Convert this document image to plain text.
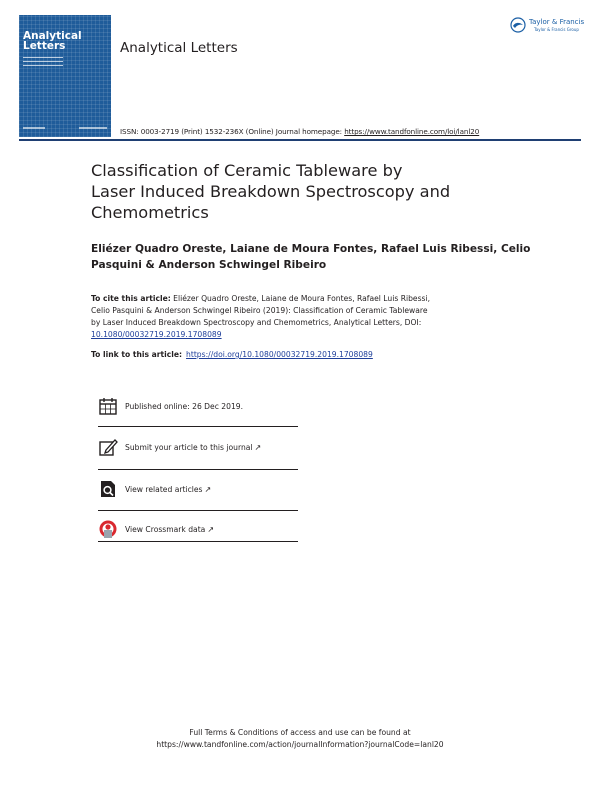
Analytical
Letters	Analytical Letters
ISSN: 0003-2719 (Print) 1532-236X (Online) Journal homepage: https://www.tandfonline.com/loi/lanl20
Taylor & Francis
Taylor & Francis Group
Classification of Ceramic Tableware by
Laser Induced Breakdown Spectroscopy and
Chemometrics
Eliézer Quadro Oreste, Laiane de Moura Fontes, Rafael Luis Ribessi, Celio
Pasquini & Anderson Schwingel Ribeiro
To cite this article: Eliézer Quadro Oreste, Laiane de Moura Fontes, Rafael Luis Ribessi,
Celio Pasquini & Anderson Schwingel Ribeiro (2019): Classification of Ceramic Tableware
by Laser Induced Breakdown Spectroscopy and Chemometrics, Analytical Letters, DOI:
10.1080/00032719.2019.1708089
To link to this article: https://doi.org/10.1080/00032719.2019.1708089
Published online: 26 Dec 2019.
Submit your article to this journal ↗
View related articles ↗
View Crossmark data ↗
Full Terms & Conditions of access and use can be found at
https://www.tandfonline.com/action/journalInformation?journalCode=lanl20
